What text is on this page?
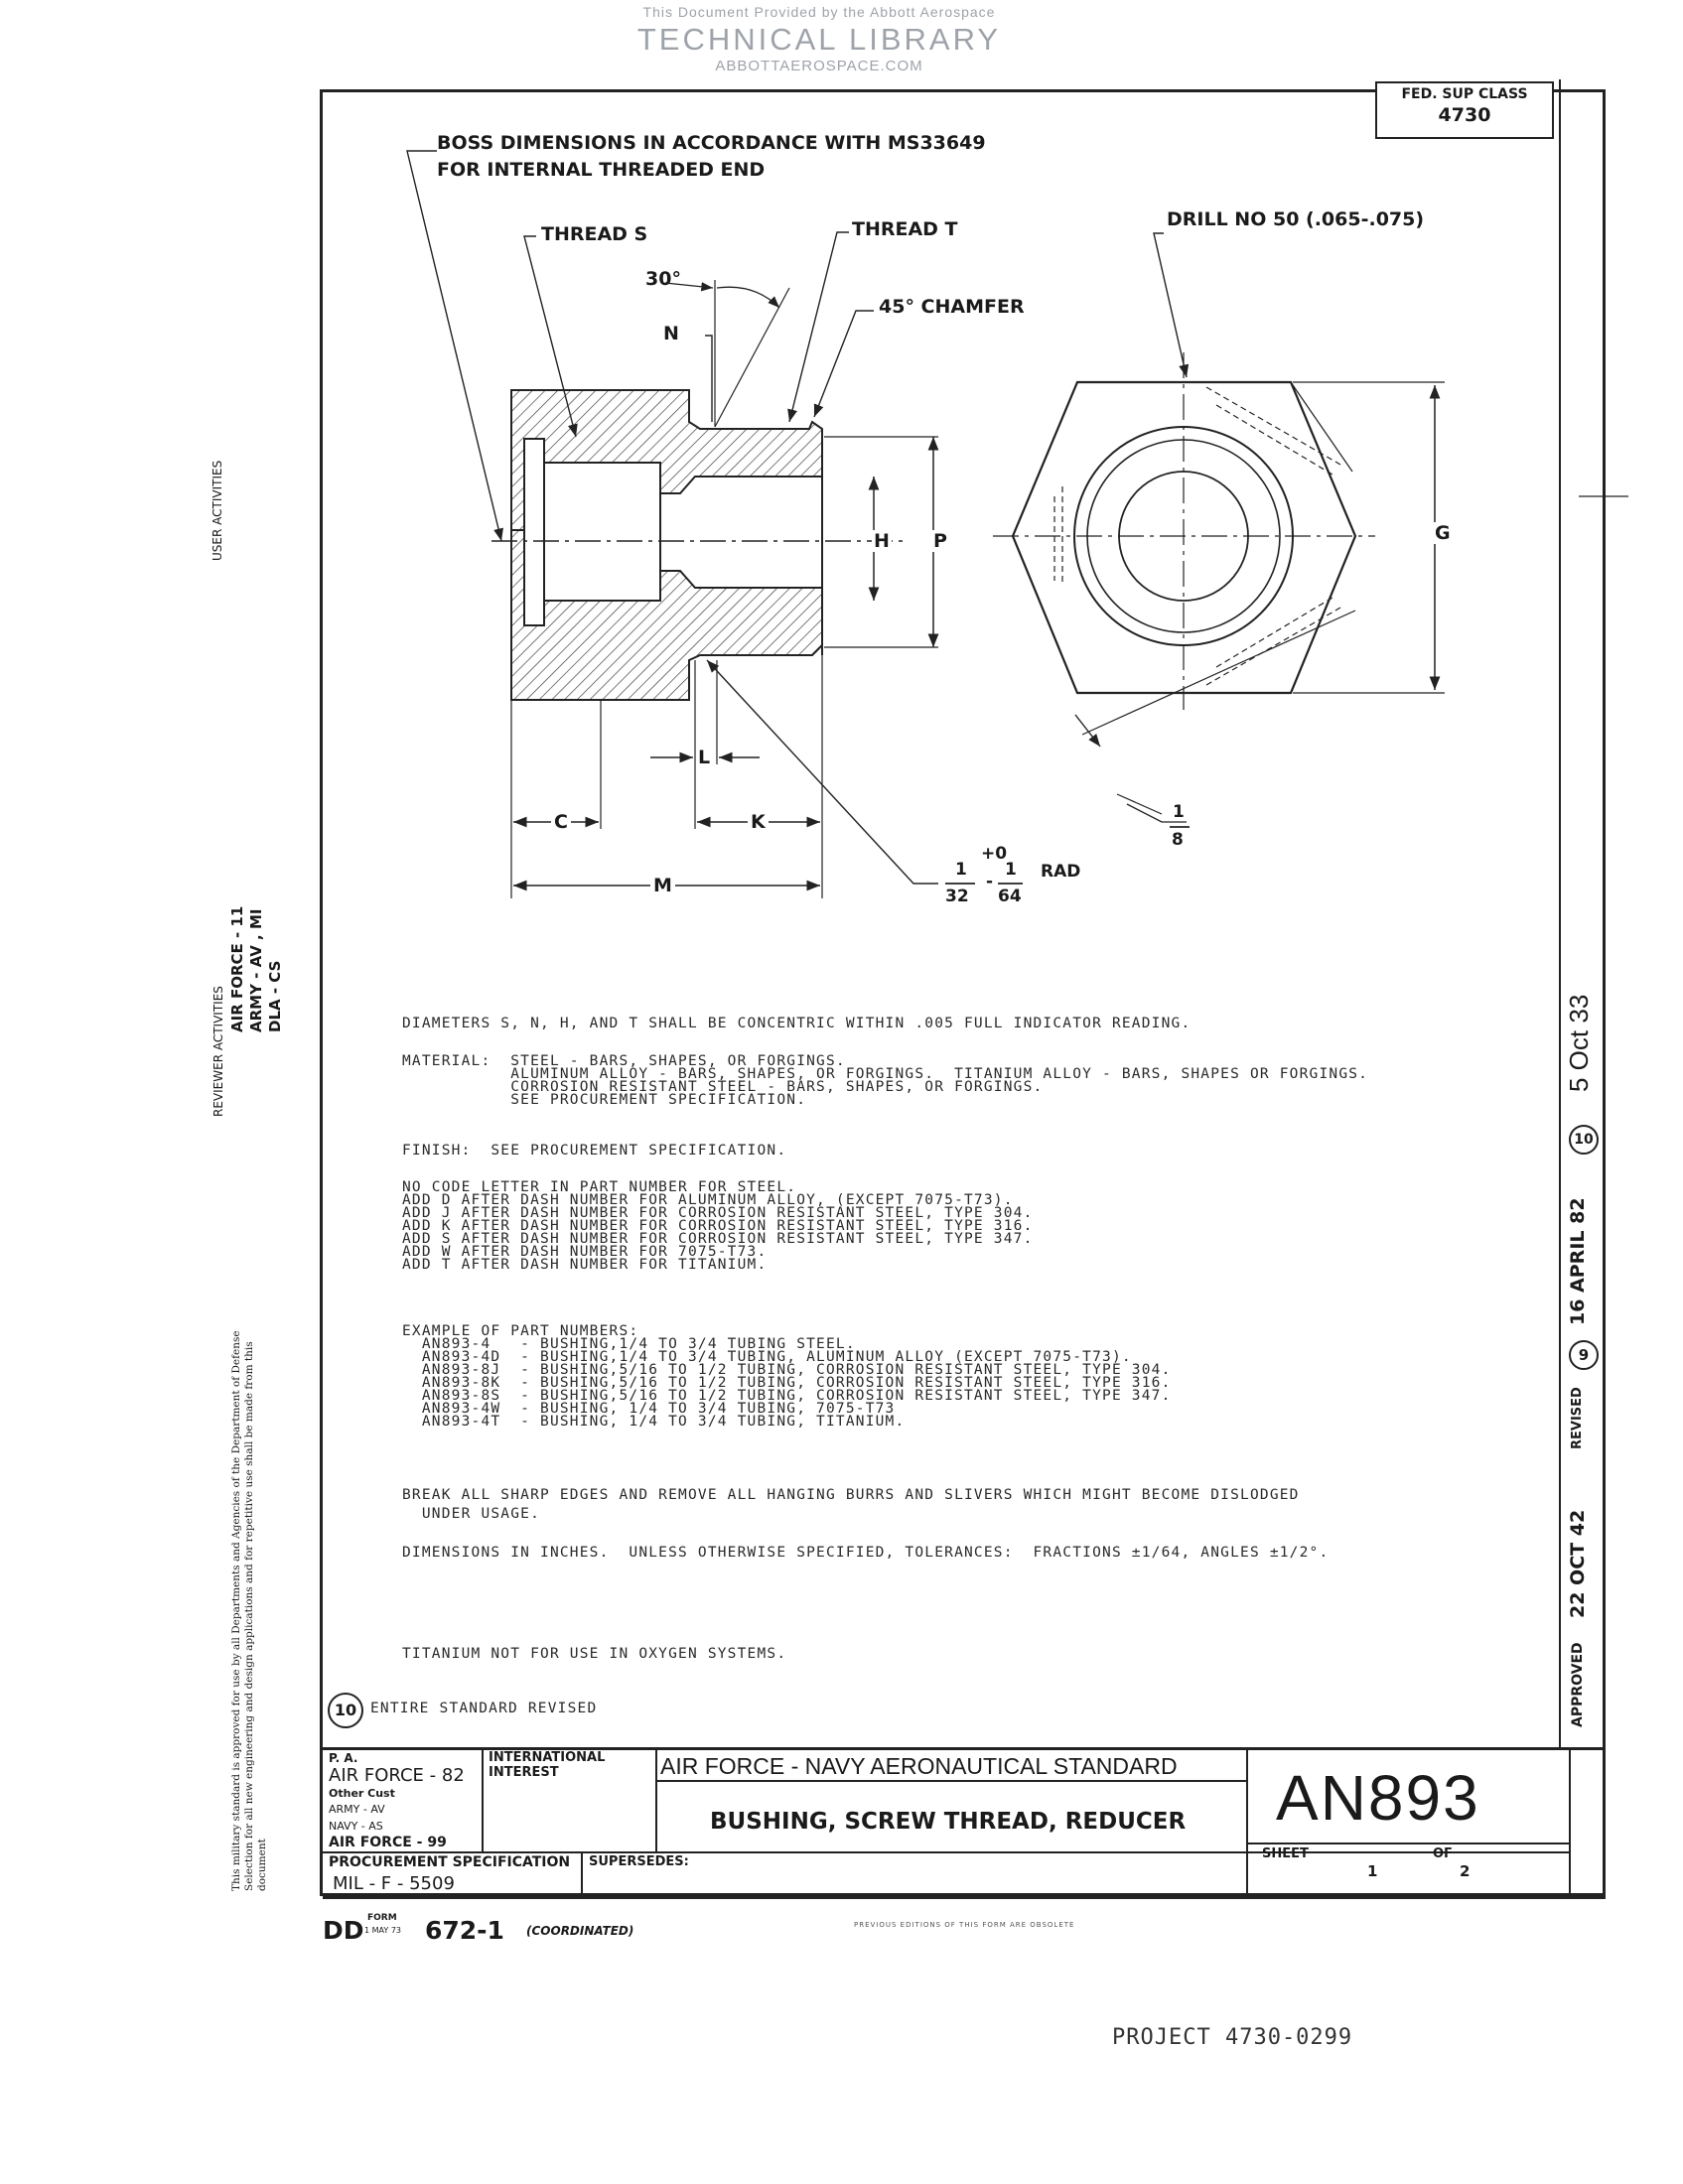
This Document Provided by the Abbott Aerospace
TECHNICAL LIBRARY
ABBOTTAEROSPACE.COM
FED. SUP CLASS
4730
BOSS DIMENSIONS IN ACCORDANCE WITH MS33649
FOR INTERNAL THREADED END
THREAD S	THREAD T	DRILL NO 50 (.065-.075)
30°
N
45° CHAMFER
H P	G
L
C	K
M
1
8
+0
1
32
-
1
64
RAD
DIAMETERS S, N, H, AND T SHALL BE CONCENTRIC WITHIN .005 FULL INDICATOR READING.
MATERIAL:  STEEL - BARS, SHAPES, OR FORGINGS.
ALUMINUM ALLOY - BARS, SHAPES, OR FORGINGS.  TITANIUM ALLOY - BARS, SHAPES OR FORGINGS.
CORROSION RESISTANT STEEL - BARS, SHAPES, OR FORGINGS.
SEE PROCUREMENT SPECIFICATION.
FINISH:  SEE PROCUREMENT SPECIFICATION.
NO CODE LETTER IN PART NUMBER FOR STEEL.
ADD D AFTER DASH NUMBER FOR ALUMINUM ALLOY, (EXCEPT 7075-T73).
ADD J AFTER DASH NUMBER FOR CORROSION RESISTANT STEEL, TYPE 304.
ADD K AFTER DASH NUMBER FOR CORROSION RESISTANT STEEL, TYPE 316.
ADD S AFTER DASH NUMBER FOR CORROSION RESISTANT STEEL, TYPE 347.
ADD W AFTER DASH NUMBER FOR 7075-T73.
ADD T AFTER DASH NUMBER FOR TITANIUM.
EXAMPLE OF PART NUMBERS:
AN893-4   - BUSHING,1/4 TO 3/4 TUBING STEEL.
AN893-4D  - BUSHING,1/4 TO 3/4 TUBING, ALUMINUM ALLOY (EXCEPT 7075-T73).
AN893-8J  - BUSHING,5/16 TO 1/2 TUBING, CORROSION RESISTANT STEEL, TYPE 304.
AN893-8K  - BUSHING,5/16 TO 1/2 TUBING, CORROSION RESISTANT STEEL, TYPE 316.
AN893-8S  - BUSHING,5/16 TO 1/2 TUBING, CORROSION RESISTANT STEEL, TYPE 347.
AN893-4W  - BUSHING, 1/4 TO 3/4 TUBING, 7075-T73
AN893-4T  - BUSHING, 1/4 TO 3/4 TUBING, TITANIUM.
BREAK ALL SHARP EDGES AND REMOVE ALL HANGING BURRS AND SLIVERS WHICH MIGHT BECOME DISLODGED
UNDER USAGE.
DIMENSIONS IN INCHES.  UNLESS OTHERWISE SPECIFIED, TOLERANCES:  FRACTIONS ±1/64, ANGLES ±1/2°.
TITANIUM NOT FOR USE IN OXYGEN SYSTEMS.
10 ENTIRE STANDARD REVISED
USER ACTIVITIES
REVIEWER ACTIVITIES
AIR FORCE - 11 ARMY - AV , MI DLA - CS
This military standard is approved for use by all Departments and Agencies of the Department of Defense Selection for all new engineering and design applications and for repetitive use shall be made from this document
APPROVED
22 OCT 42
REVISED
9
16 APRIL 82
10
5 Oct 33
P. A.
AIR FORCE - 82
Other Cust
ARMY - AV
NAVY - AS
AIR FORCE - 99
INTERNATIONAL
INTEREST	AIR FORCE - NAVY AERONAUTICAL STANDARD
BUSHING, SCREW THREAD, REDUCER AN893
SHEET
1
OF
2
PROCUREMENT SPECIFICATION
MIL - F - 5509
SUPERSEDES:
DD FORM
1 MAY 73 672-1 (COORDINATED)	PREVIOUS EDITIONS OF THIS FORM ARE OBSOLETE
PROJECT 4730-0299
